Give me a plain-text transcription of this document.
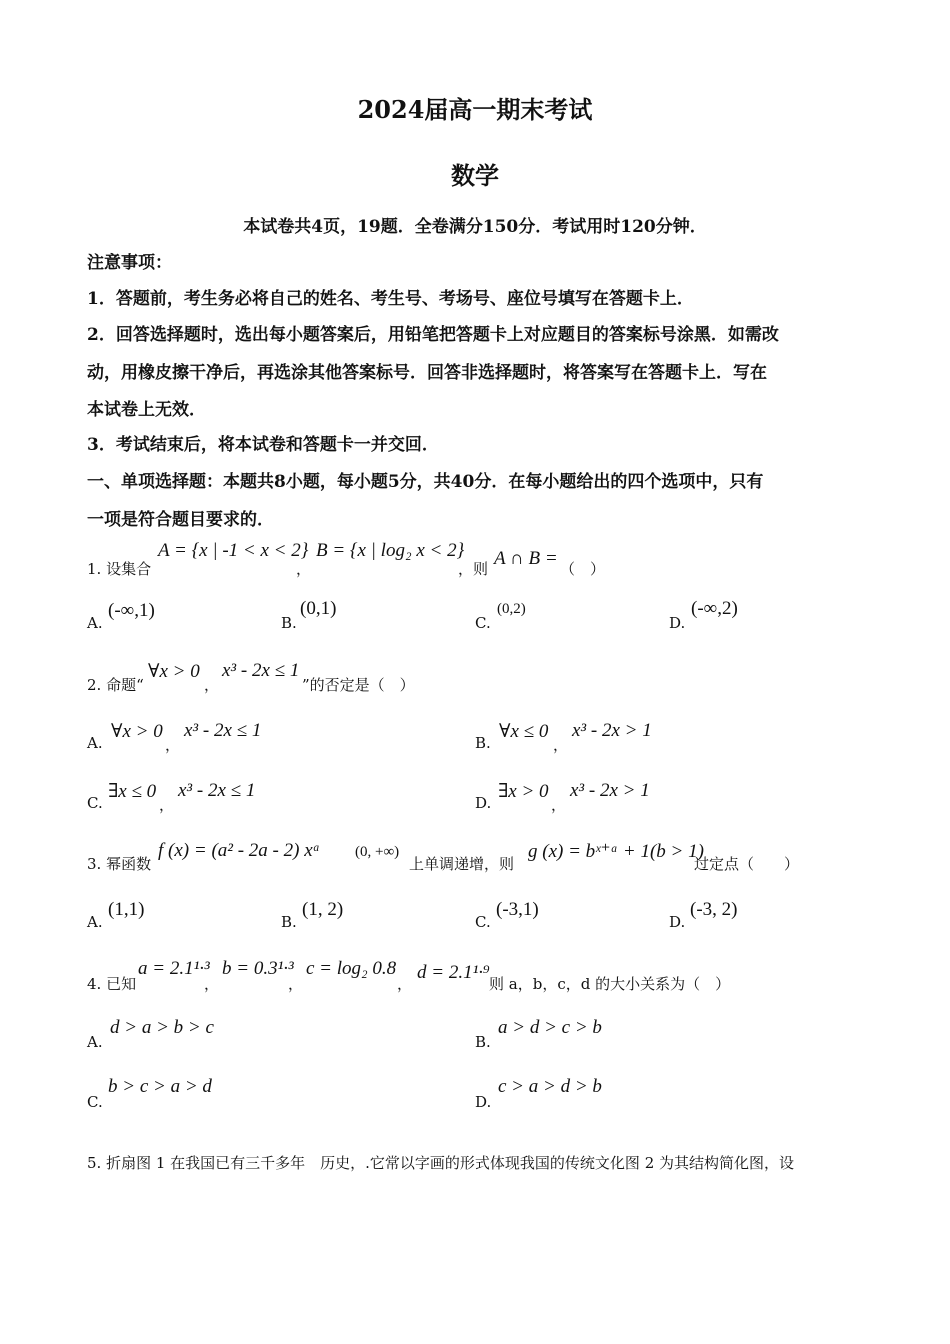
2024届高一期末考试
数学
本试卷共4页，19题．全卷满分150分．考试用时120分钟．
注意事项：
1．答题前，考生务必将自己的姓名、考生号、考场号、座位号填写在答题卡上．
2．回答选择题时，选出每小题答案后，用铅笔把答题卡上对应题目的答案标号涂黑．如需改
动，用橡皮擦干净后，再选涂其他答案标号．回答非选择题时，将答案写在答题卡上．写在
本试卷上无效．
3．考试结束后，将本试卷和答题卡一并交回．
一、单项选择题：本题共8小题，每小题5分，共40分．在每小题给出的四个选项中，只有
一项是符合题目要求的．
1. 设集合
A = {x | -1 < x < 2}
，
B = {x | log₂ x < 2}
，则 A ∩ B = （　）
A.
(-∞,1)
B.
(0,1)
C.
(0,2)
D.
(-∞,2)
2. 命题“
∀x > 0
，
x³ - 2x ≤ 1
”的否定是（　）
A.
∀x > 0
，
x³ - 2x ≤ 1
B.
∀x ≤ 0
，
x³ - 2x > 1
C.
∃x ≤ 0
，
x³ - 2x ≤ 1
D.
∃x > 0
，
x³ - 2x > 1
3. 幂函数
f (x) = (a² - 2a - 2) xᵃ (0, +∞)
上单调递增，则
g (x) = bˣ⁺ᵃ + 1(b > 1)
过定点（　　）
A.
(1,1)
B.
(1, 2)
C.
(-3,1)
D.
(-3, 2)
4. 已知
a = 2.1¹·³
，
b = 0.3¹·³
，
c = log₂ 0.8
，
d = 2.1¹·⁹
则 a，b，c，d 的大小关系为（　）
A.
d > a > b > c
B.
a > d > c > b
C.
b > c > a > d
D.
c > a > d > b
5. 折扇图 1 在我国已有三千多年　历史，.它常以字画的形式体现我国的传统文化图 2 为其结构简化图，设
